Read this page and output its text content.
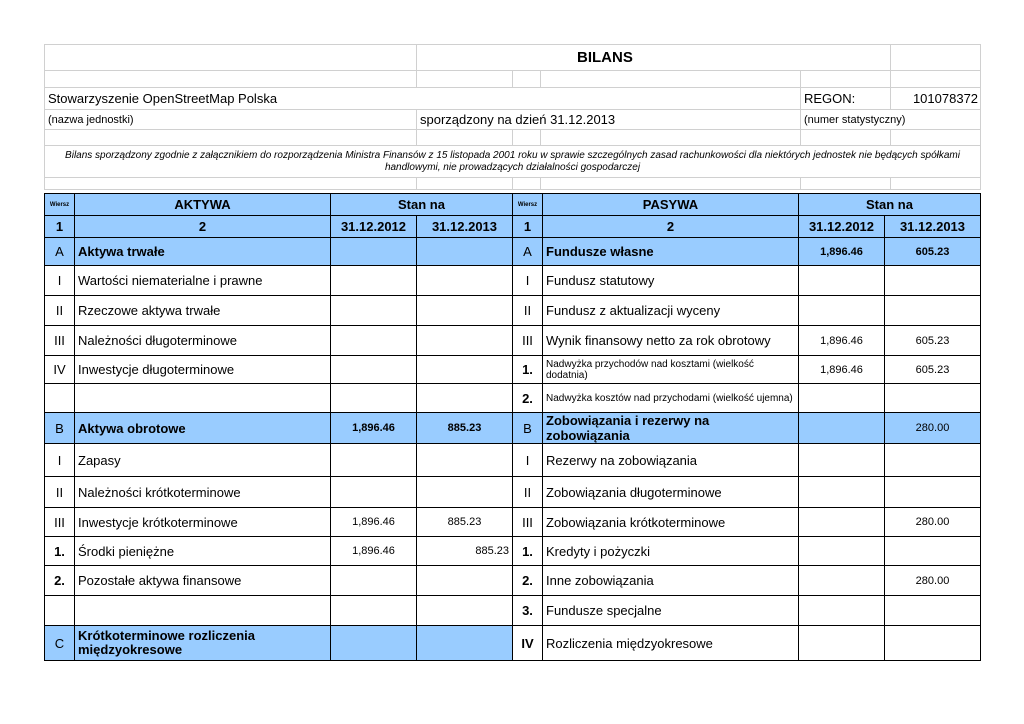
	BILANS				

Stowarzyszenie OpenStreetMap Polska				REGON:	101078372
(nazwa jednostki)	sporządzony na dzień 31.12.2013			(numer statystyczny)	

Bilans sporządzony zgodnie z załącznikiem do rozporządzenia Ministra Finansów z 15 listopada 2001 roku w sprawie szczególnych zasad rachunkowości dla niektórych jednostek nie będących spółkami handlowymi, nie prowadzących działalności gospodarczej					

Wiersz	AKTYWA	Stan na		Wiersz	PASYWA	Stan na	
1	2	31.12.2012	31.12.2013	1	2	31.12.2012	31.12.2013
A	Aktywa trwałe			A	Fundusze własne	1,896.46	605.23
I	Wartości niematerialne i prawne			I	Fundusz statutowy		
II	Rzeczowe aktywa trwałe			II	Fundusz z aktualizacji wyceny		
III	Należności długoterminowe			III	Wynik finansowy netto za rok obrotowy	1,896.46	605.23
IV	Inwestycje długoterminowe			1.	Nadwyżka przychodów nad kosztami (wielkość dodatnia)	1,896.46	605.23
				2.	Nadwyżka kosztów nad przychodami (wielkość ujemna)		
B	Aktywa obrotowe	1,896.46	885.23	B	Zobowiązania i rezerwy na zobowiązania		280.00
I	Zapasy			I	Rezerwy na zobowiązania		
II	Należności krótkoterminowe			II	Zobowiązania długoterminowe		
III	Inwestycje krótkoterminowe	1,896.46	885.23	III	Zobowiązania krótkoterminowe		280.00
1.	Środki pieniężne	1,896.46	885.23	1.	Kredyty i pożyczki		
2.	Pozostałe aktywa finansowe			2.	Inne zobowiązania		280.00
				3.	Fundusze specjalne		
C	Krótkoterminowe rozliczenia międzyokresowe			IV	Rozliczenia międzyokresowe		
